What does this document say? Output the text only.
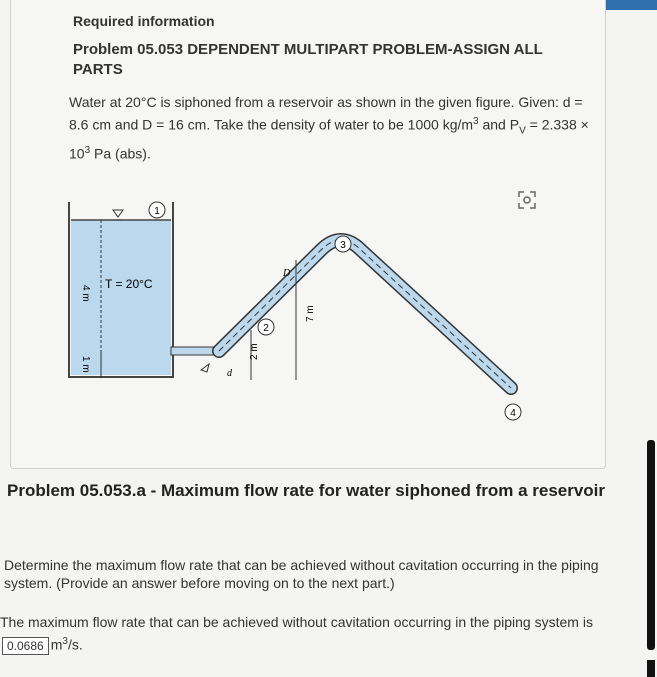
Required information
Problem 05.053 DEPENDENT MULTIPART PROBLEM-ASSIGN ALL PARTS
Water at 20°C is siphoned from a reservoir as shown in the given figure. Given: d = 8.6 cm and D = 16 cm. Take the density of water to be 1000 $kg/m^3$ and $P_V = 2.338 \times 10^3$ Pa (abs).
1
4 m
1 m
T = 20°C
2
3
4
2 m
7 m
D
d
Problem 05.053.a - Maximum flow rate for water siphoned from a reservoir
Determine the maximum flow rate that can be achieved without cavitation occurring in the piping system. (Provide an answer before moving on to the next part.)
The maximum flow rate that can be achieved without cavitation occurring in the piping system is 0.0686 $m^3/s$.
